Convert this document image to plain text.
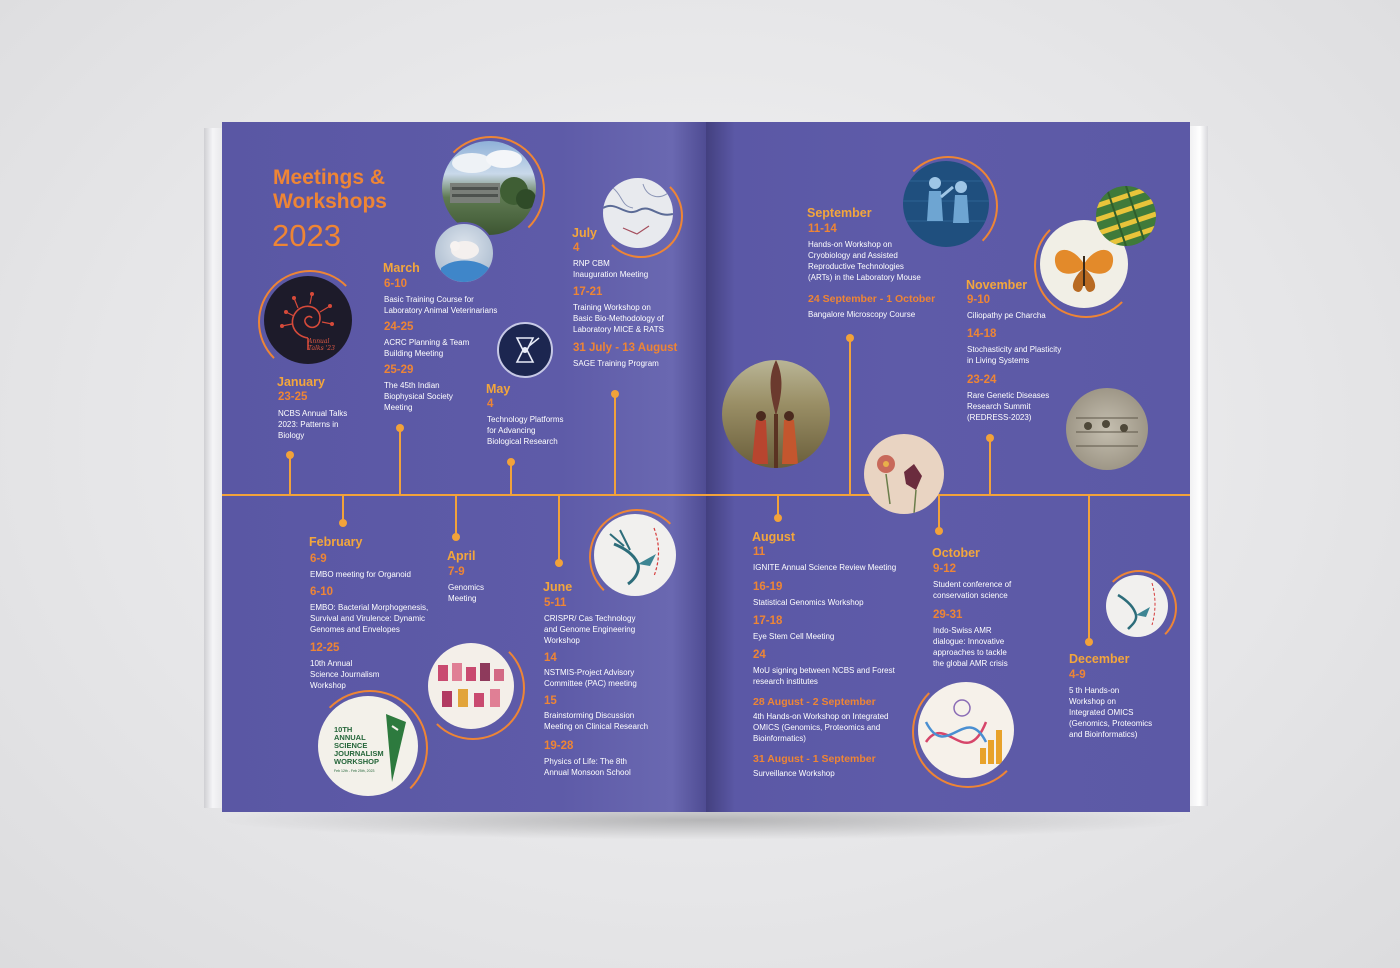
Meetings &
Workshops
2023
Annual
Talks '23
10TH
ANNUAL
SCIENCE
JOURNALISM
WORKSHOP
Feb 12th - Feb 25th, 2023
January
23-25
NCBS Annual Talks
2023: Patterns in
Biology
March
6-10
Basic Training Course for
Laboratory Animal Veterinarians
24-25
ACRC Planning & Team
Building Meeting
25-29
The 45th Indian
Biophysical Society
Meeting
May
4
Technology Platforms
for Advancing
Biological Research
July
4
RNP CBM
Inauguration Meeting
17-21
Training Workshop on
Basic Bio-Methodology of
Laboratory MICE & RATS
31 July - 13 August
SAGE Training Program
February
6-9
EMBO meeting for Organoid
6-10
EMBO: Bacterial Morphogenesis,
Survival and Virulence: Dynamic
Genomes and Envelopes
12-25
10th Annual
Science Journalism
Workshop
April
7-9
Genomics
Meeting
June
5-11
CRISPR/ Cas Technology
and Genome Engineering
Workshop
14
NSTMIS-Project Advisory
Committee (PAC) meeting
15
Brainstorming Discussion
Meeting on Clinical Research
19-28
Physics of Life: The 8th
Annual Monsoon School
September
11-14
Hands-on Workshop on
Cryobiology and Assisted
Reproductive Technologies
(ARTs) in the Laboratory Mouse
24 September - 1 October
Bangalore Microscopy Course
November
9-10
Ciliopathy pe Charcha
14-18
Stochasticity and Plasticity
in Living Systems
23-24
Rare Genetic Diseases
Research Summit
(REDRESS-2023)
August
11
IGNITE Annual Science Review Meeting
16-19
Statistical Genomics Workshop
17-18
Eye Stem Cell Meeting
24
MoU signing between NCBS and Forest
research institutes
28 August - 2 September
4th Hands-on Workshop on Integrated
OMICS (Genomics, Proteomics and
Bioinformatics)
31 August - 1 September
Surveillance Workshop
October
9-12
Student conference of
conservation science
29-31
Indo-Swiss AMR
dialogue: Innovative
approaches to tackle
the global AMR crisis	December
4-9
5 th Hands-on
Workshop on
Integrated OMICS
(Genomics, Proteomics
and Bioinformatics)
